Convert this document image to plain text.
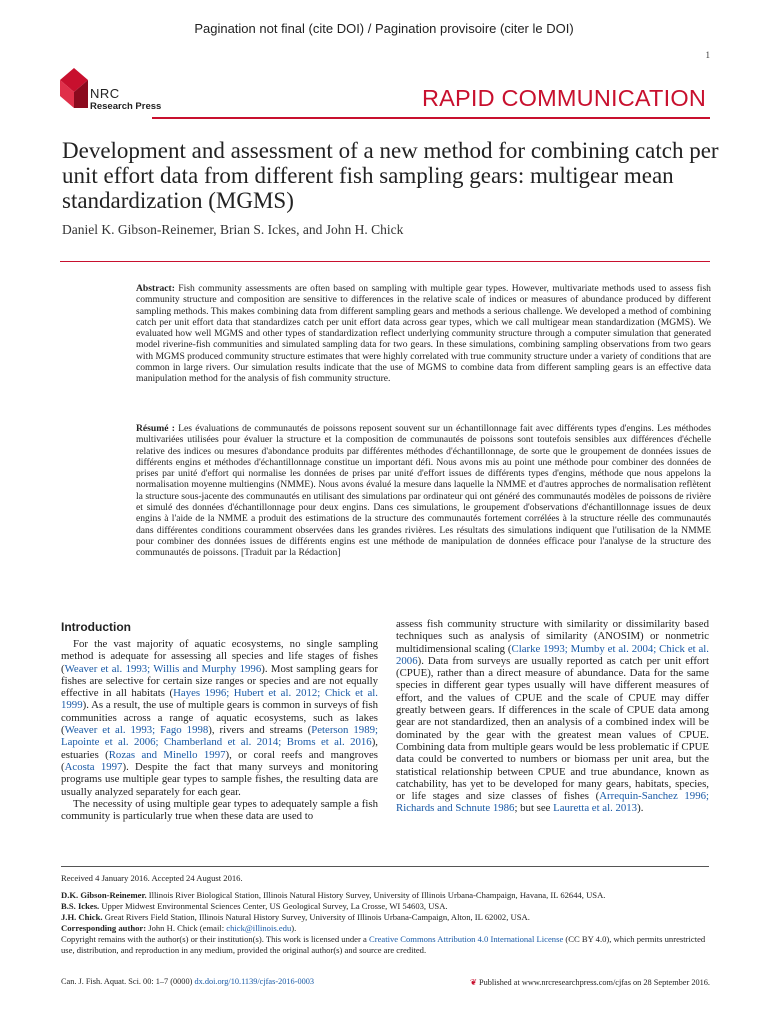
Pagination not final (cite DOI) / Pagination provisoire (citer le DOI)
1
NRC
Research Press	RAPID COMMUNICATION
Development and assessment of a new method for combining catch per unit effort data from different fish sampling gears: multigear mean standardization (MGMS)
Daniel K. Gibson-Reinemer, Brian S. Ickes, and John H. Chick
Abstract: Fish community assessments are often based on sampling with multiple gear types. However, multivariate methods used to assess fish community structure and composition are sensitive to differences in the relative scale of indices or measures of abundance produced by different sampling methods. This makes combining data from different sampling gears and methods a serious challenge. We developed a method of combining catch per unit effort data that standardizes catch per unit effort data across gear types, which we call multigear mean standardization (MGMS). We evaluated how well MGMS and other types of standardization reflect underlying community structure through a computer simulation that generated model riverine-fish communities and simulated sampling data for two gears. In these simulations, combining sampling observations from two gears with MGMS produced community structure estimates that were highly correlated with true community structure under a variety of conditions that are common in large rivers. Our simulation results indicate that the use of MGMS to combine data from different sampling gears is an effective data manipulation method for the analysis of fish community structure.
Résumé : Les évaluations de communautés de poissons reposent souvent sur un échantillonnage fait avec différents types d'engins. Les méthodes multivariées utilisées pour évaluer la structure et la composition de communautés de poissons sont toutefois sensibles aux différences d'échelle relative des indices ou mesures d'abondance produits par différentes méthodes d'échantillonnage, de sorte que le groupement de données issues de différents engins et méthodes d'échantillonnage constitue un important défi. Nous avons mis au point une méthode pour combiner des données de prises par unité d'effort qui normalise les données de prises par unité d'effort issues de différents types d'engins, méthode que nous appelons la normalisation moyenne multiengins (NMME). Nous avons évalué la mesure dans laquelle la NMME et d'autres approches de normalisation reflètent la structure sous-jacente des communautés en utilisant des simulations par ordinateur qui ont généré des communautés modèles de poissons de rivière et simulé des données d'échantillonnage pour deux engins. Dans ces simulations, le groupement d'observations d'échantillonnage issues de deux engins à l'aide de la NMME a produit des estimations de la structure des communautés fortement corrélées à la structure réelle des communautés dans différentes conditions couramment observées dans les grandes rivières. Les résultats des simulations indiquent que l'utilisation de la NMME pour combiner des données issues de différents engins est une méthode de manipulation de données efficace pour l'analyse de la structure des communautés de poissons. [Traduit par la Rédaction]
Introduction

For the vast majority of aquatic ecosystems, no single sampling method is adequate for assessing all species and life stages of fishes (Weaver et al. 1993; Willis and Murphy 1996). Most sampling gears for fishes are selective for certain size ranges or species and are not equally effective in all habitats (Hayes 1996; Hubert et al. 2012; Chick et al. 1999). As a result, the use of multiple gears is common in surveys of fish communities across a range of aquatic ecosystems, such as lakes (Weaver et al. 1993; Fago 1998), rivers and streams (Peterson 1989; Lapointe et al. 2006; Chamberland et al. 2014; Broms et al. 2016), estuaries (Rozas and Minello 1997), or coral reefs and mangroves (Acosta 1997). Despite the fact that many surveys and monitoring programs use multiple gear types to sample fishes, the resulting data are usually analyzed separately for each gear.

The necessity of using multiple gear types to adequately sample a fish community is particularly true when these data are used to

assess fish community structure with similarity or dissimilarity based techniques such as analysis of similarity (ANOSIM) or nonmetric multidimensional scaling (Clarke 1993; Mumby et al. 2004; Chick et al. 2006). Data from surveys are usually reported as catch per unit effort (CPUE), rather than a direct measure of abundance. Data for the same species in different gear types usually will have different measures of effort, and the values of CPUE and the scale of CPUE may differ greatly between gears. If differences in the scale of CPUE data among gear are not standardized, then an analysis of a combined index will be dominated by the gear with the greatest mean values of CPUE. Combining data from multiple gears would be less problematic if CPUE data could be converted to numbers or biomass per unit area, but the statistical relationship between CPUE and true abundance, known as catchability, has yet to be developed for many gears, habitats, species, or life stages and size classes of fishes (Arrequin-Sanchez 1996; Richards and Schnute 1986; but see Lauretta et al. 2013).

Received 4 January 2016. Accepted 24 August 2016.
D.K. Gibson-Reinemer. Illinois River Biological Station, Illinois Natural History Survey, University of Illinois Urbana-Champaign, Havana, IL 62644, USA.
B.S. Ickes. Upper Midwest Environmental Sciences Center, US Geological Survey, La Crosse, WI 54603, USA.
J.H. Chick. Great Rivers Field Station, Illinois Natural History Survey, University of Illinois Urbana-Campaign, Alton, IL 62002, USA.
Corresponding author: John H. Chick (email: chick@illinois.edu).
Copyright remains with the author(s) or their institution(s). This work is licensed under a Creative Commons Attribution 4.0 International License (CC BY 4.0), which permits unrestricted use, distribution, and reproduction in any medium, provided the original author(s) and source are credited.
Can. J. Fish. Aquat. Sci. 00: 1–7 (0000) dx.doi.org/10.1139/cjfas-2016-0003	❦ Published at www.nrcresearchpress.com/cjfas on 28 September 2016.
